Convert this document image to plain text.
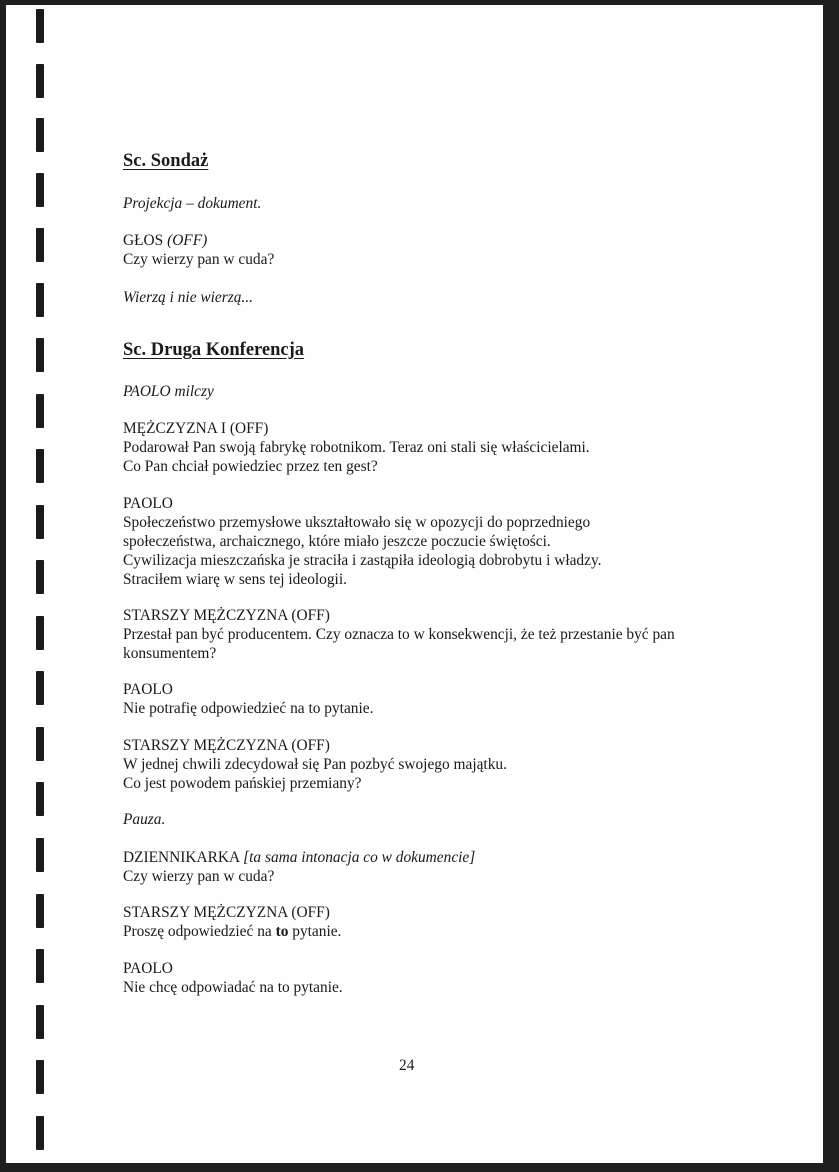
Sc. Sondaż
Projekcja – dokument.
GŁOS (OFF)
Czy wierzy pan w cuda?
Wierzą i nie wierzą...
Sc. Druga Konferencja
PAOLO milczy
MĘŻCZYZNA I (OFF)
Podarował Pan swoją fabrykę robotnikom. Teraz oni stali się właścicielami.
Co Pan chciał powiedziec przez ten gest?
PAOLO
Społeczeństwo przemysłowe ukształtowało się w opozycji do poprzedniego
społeczeństwa, archaicznego, które miało jeszcze poczucie świętości.
Cywilizacja mieszczańska je straciła i zastąpiła ideologią dobrobytu i władzy.
Straciłem wiarę w sens tej ideologii.
STARSZY MĘŻCZYZNA (OFF)
Przestał pan być producentem. Czy oznacza to w konsekwencji, że też przestanie być pan
konsumentem?
PAOLO
Nie potrafię odpowiedzieć na to pytanie.
STARSZY MĘŻCZYZNA (OFF)
W jednej chwili zdecydował się Pan pozbyć swojego majątku.
Co jest powodem pańskiej przemiany?
Pauza.
DZIENNIKARKA [ta sama intonacja co w dokumencie]
Czy wierzy pan w cuda?
STARSZY MĘŻCZYZNA (OFF)
Proszę odpowiedzieć na to pytanie.
PAOLO
Nie chcę odpowiadać na to pytanie.
24
